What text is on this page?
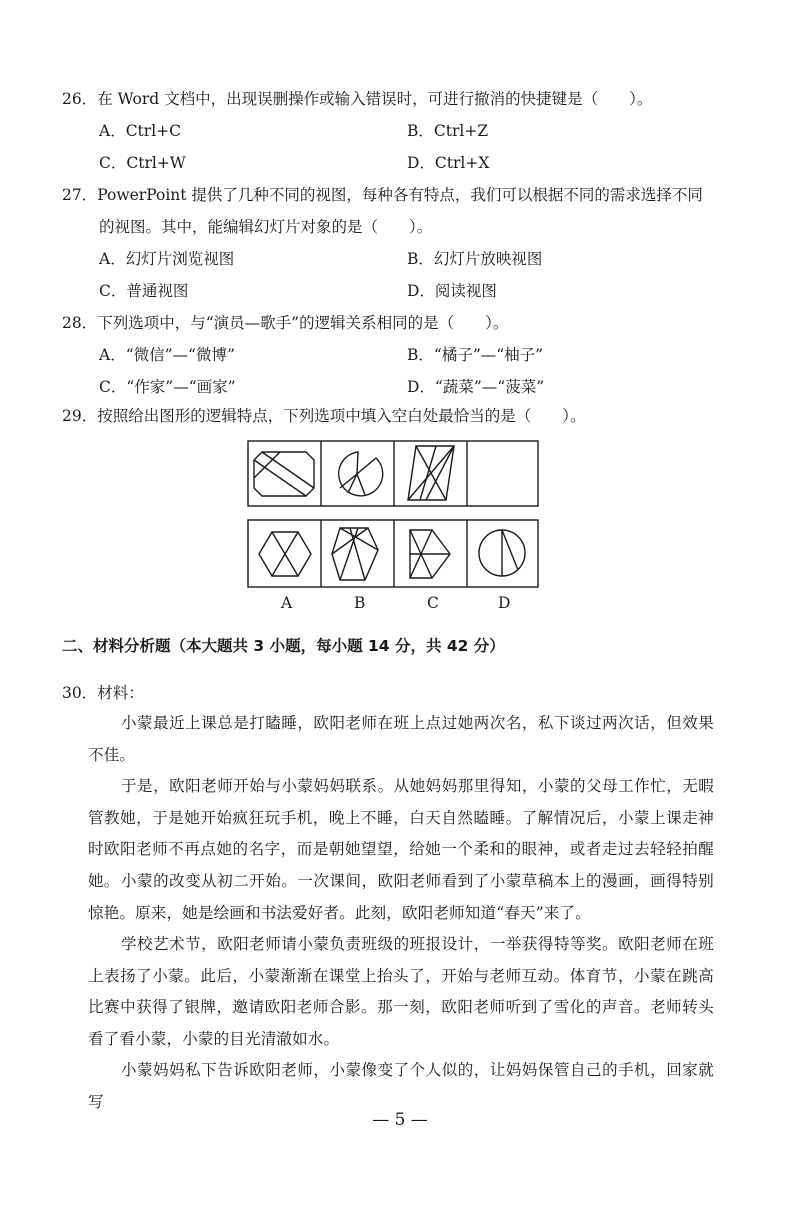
26．在 Word 文档中，出现误删操作或输入错误时，可进行撤消的快捷键是（　　）。
A．Ctrl+C	B．Ctrl+Z
C．Ctrl+W	D．Ctrl+X
27．PowerPoint 提供了几种不同的视图，每种各有特点，我们可以根据不同的需求选择不同
的视图。其中，能编辑幻灯片对象的是（　　）。
A．幻灯片浏览视图	B．幻灯片放映视图
C．普通视图	D．阅读视图
28．下列选项中，与“演员—歌手”的逻辑关系相同的是（　　）。
A．“微信”—“微博”	B．“橘子”—“柚子”
C．“作家”—“画家”	D．“蔬菜”—“菠菜”
29．按照给出图形的逻辑特点，下列选项中填入空白处最恰当的是（　　）。
A	B	C	D
二、材料分析题（本大题共 3 小题，每小题 14 分，共 42 分）
30．材料：
小蒙最近上课总是打瞌睡，欧阳老师在班上点过她两次名，私下谈过两次话，但效果不佳。
于是，欧阳老师开始与小蒙妈妈联系。从她妈妈那里得知，小蒙的父母工作忙，无暇管教她，于是她开始疯狂玩手机，晚上不睡，白天自然瞌睡。了解情况后，小蒙上课走神时欧阳老师不再点她的名字，而是朝她望望，给她一个柔和的眼神，或者走过去轻轻拍醒她。 小蒙的改变从初二开始。一次课间，欧阳老师看到了小蒙草稿本上的漫画，画得特别惊艳。原来，她是绘画和书法爱好者。此刻，欧阳老师知道“春天”来了。
学校艺术节，欧阳老师请小蒙负责班级的班报设计，一举获得特等奖。欧阳老师在班上表扬了小蒙。此后，小蒙渐渐在课堂上抬头了，开始与老师互动。体育节，小蒙在跳高比赛中获得了银牌，邀请欧阳老师合影。那一刻，欧阳老师听到了雪化的声音。老师转头看了看小蒙，小蒙的目光清澈如水。
小蒙妈妈私下告诉欧阳老师，小蒙像变了个人似的，让妈妈保管自己的手机，回家就写
— 5 —
